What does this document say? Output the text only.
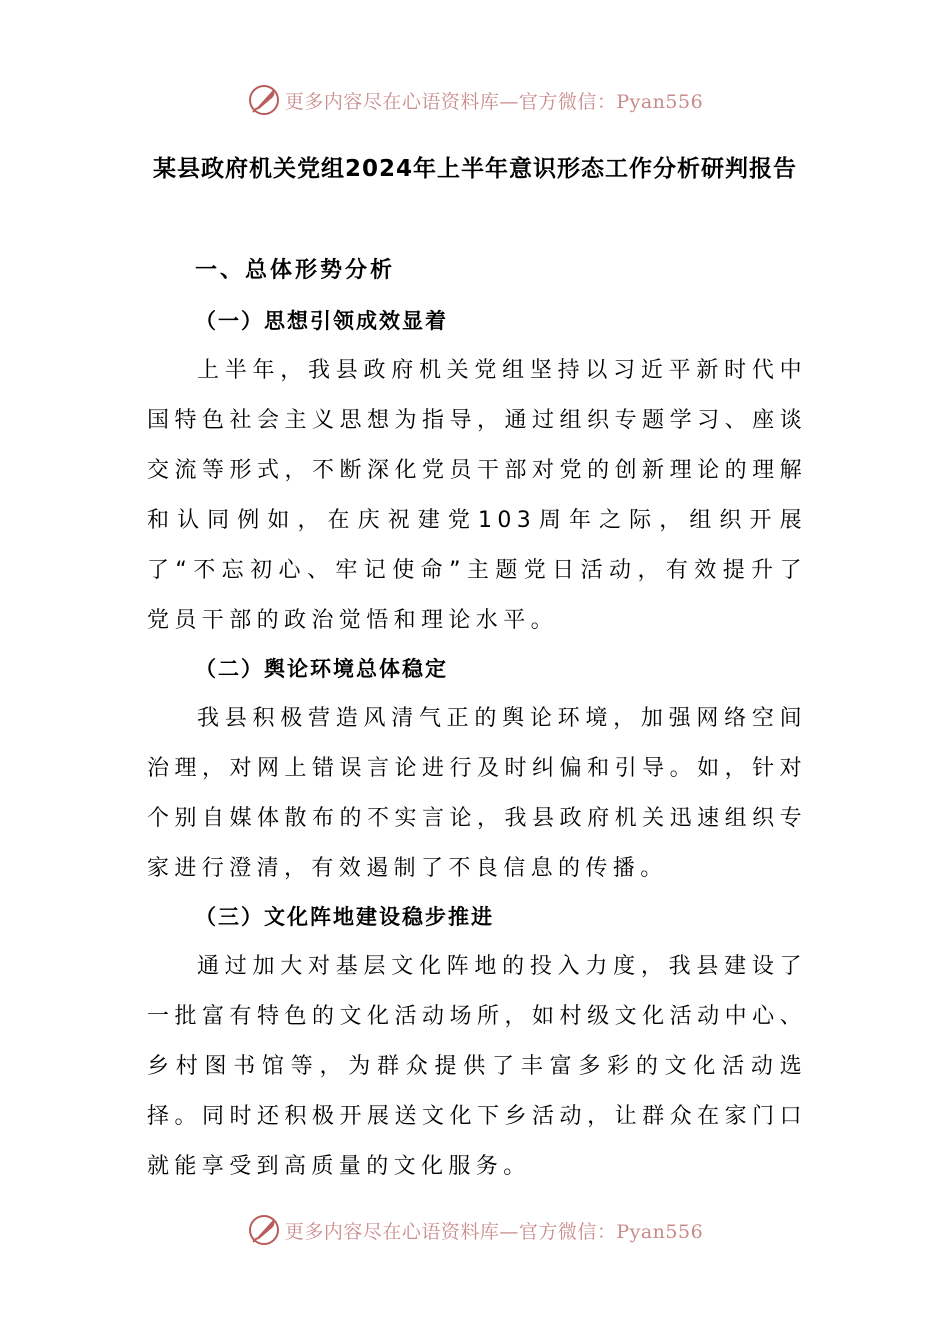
更多内容尽在心语资料库—官方微信：Pyan556
某县政府机关党组2024年上半年意识形态工作分析研判报告
一、总体形势分析
（一）思想引领成效显着

上半年，我县政府机关党组坚持以习近平新时代中国特色社会主义思想为指导，通过组织专题学习、座谈交流等形式，不断深化党员干部对党的创新理论的理解和认同例如，在庆祝建党103周年之际，组织开展了“不忘初心、牢记使命”主题党日活动，有效提升了党员干部的政治觉悟和理论水平。

（二）舆论环境总体稳定

我县积极营造风清气正的舆论环境，加强网络空间治理，对网上错误言论进行及时纠偏和引导。如，针对个别自媒体散布的不实言论，我县政府机关迅速组织专家进行澄清，有效遏制了不良信息的传播。

（三）文化阵地建设稳步推进

通过加大对基层文化阵地的投入力度，我县建设了一批富有特色的文化活动场所，如村级文化活动中心、乡村图书馆等，为群众提供了丰富多彩的文化活动选择。同时还积极开展送文化下乡活动，让群众在家门口就能享受到高质量的文化服务。

更多内容尽在心语资料库—官方微信：Pyan556
